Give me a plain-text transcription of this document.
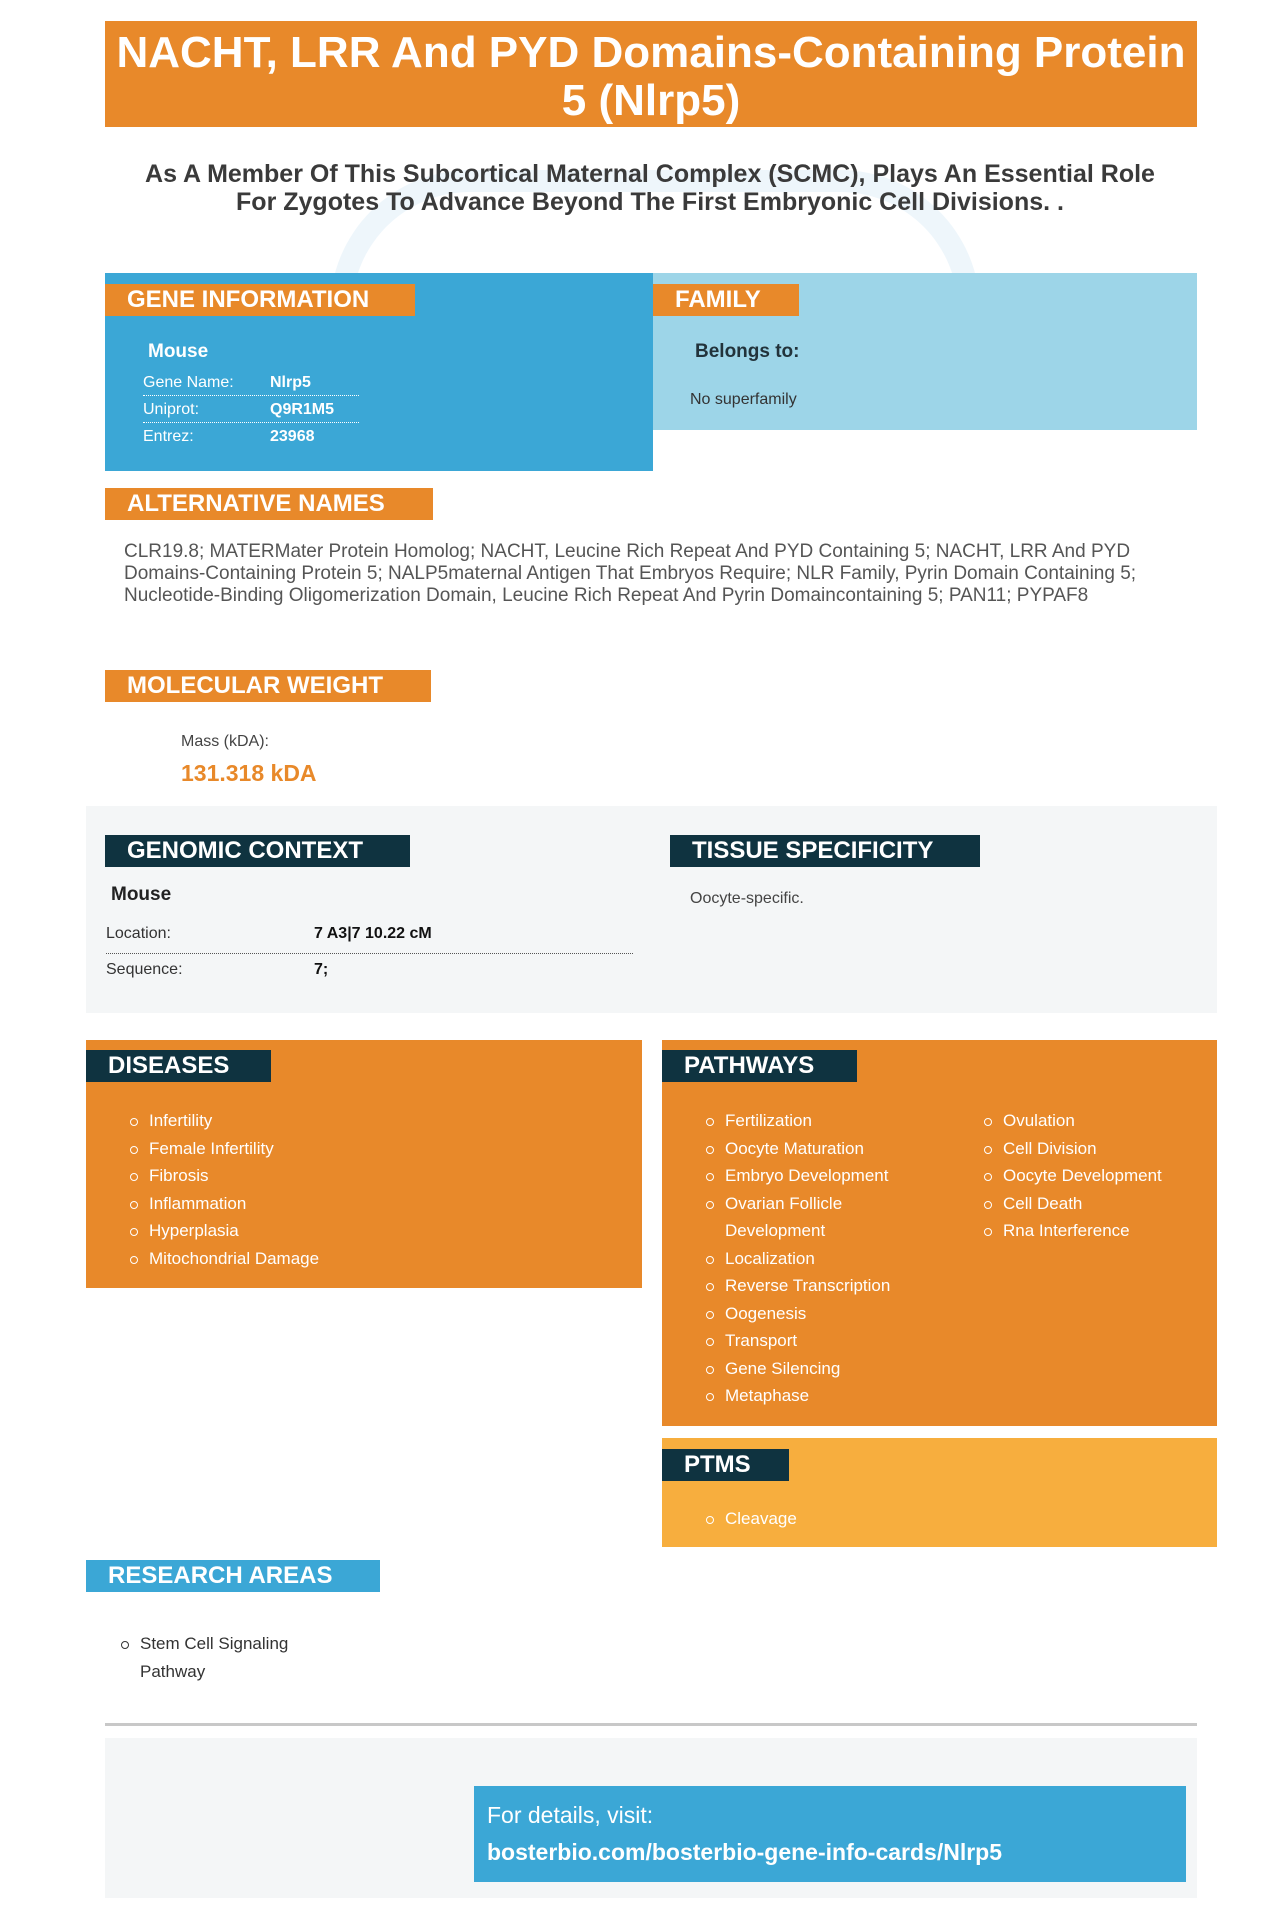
NACHT, LRR And PYD Domains-Containing Protein 5 (Nlrp5)
As A Member Of This Subcortical Maternal Complex (SCMC), Plays An Essential Role For Zygotes To Advance Beyond The First Embryonic Cell Divisions. .
GENE INFORMATION
Mouse
Gene Name: Nlrp5
Uniprot:	Q9R1M5
Entrez:	23968
FAMILY
Belongs to:
No superfamily
ALTERNATIVE NAMES
CLR19.8; MATERMater Protein Homolog; NACHT, Leucine Rich Repeat And PYD Containing 5; NACHT, LRR And PYD Domains-Containing Protein 5; NALP5maternal Antigen That Embryos Require; NLR Family, Pyrin Domain Containing 5; Nucleotide-Binding Oligomerization Domain, Leucine Rich Repeat And Pyrin Domaincontaining 5; PAN11; PYPAF8
MOLECULAR WEIGHT
Mass (kDA):
131.318 kDA
GENOMIC CONTEXT
Mouse
Location:	7 A3|7 10.22 cM
Sequence:	7;
TISSUE SPECIFICITY
Oocyte-specific.
DISEASES
Infertility
Female Infertility
Fibrosis
Inflammation
Hyperplasia
Mitochondrial Damage
PATHWAYS
Fertilization
Oocyte Maturation
Embryo Development
Ovarian Follicle Development
Localization
Reverse Transcription
Oogenesis
Transport
Gene Silencing
Metaphase
Ovulation
Cell Division
Oocyte Development
Cell Death
Rna Interference
PTMS
Cleavage
RESEARCH AREAS
Stem Cell Signaling Pathway
For details, visit:
bosterbio.com/bosterbio-gene-info-cards/Nlrp5
